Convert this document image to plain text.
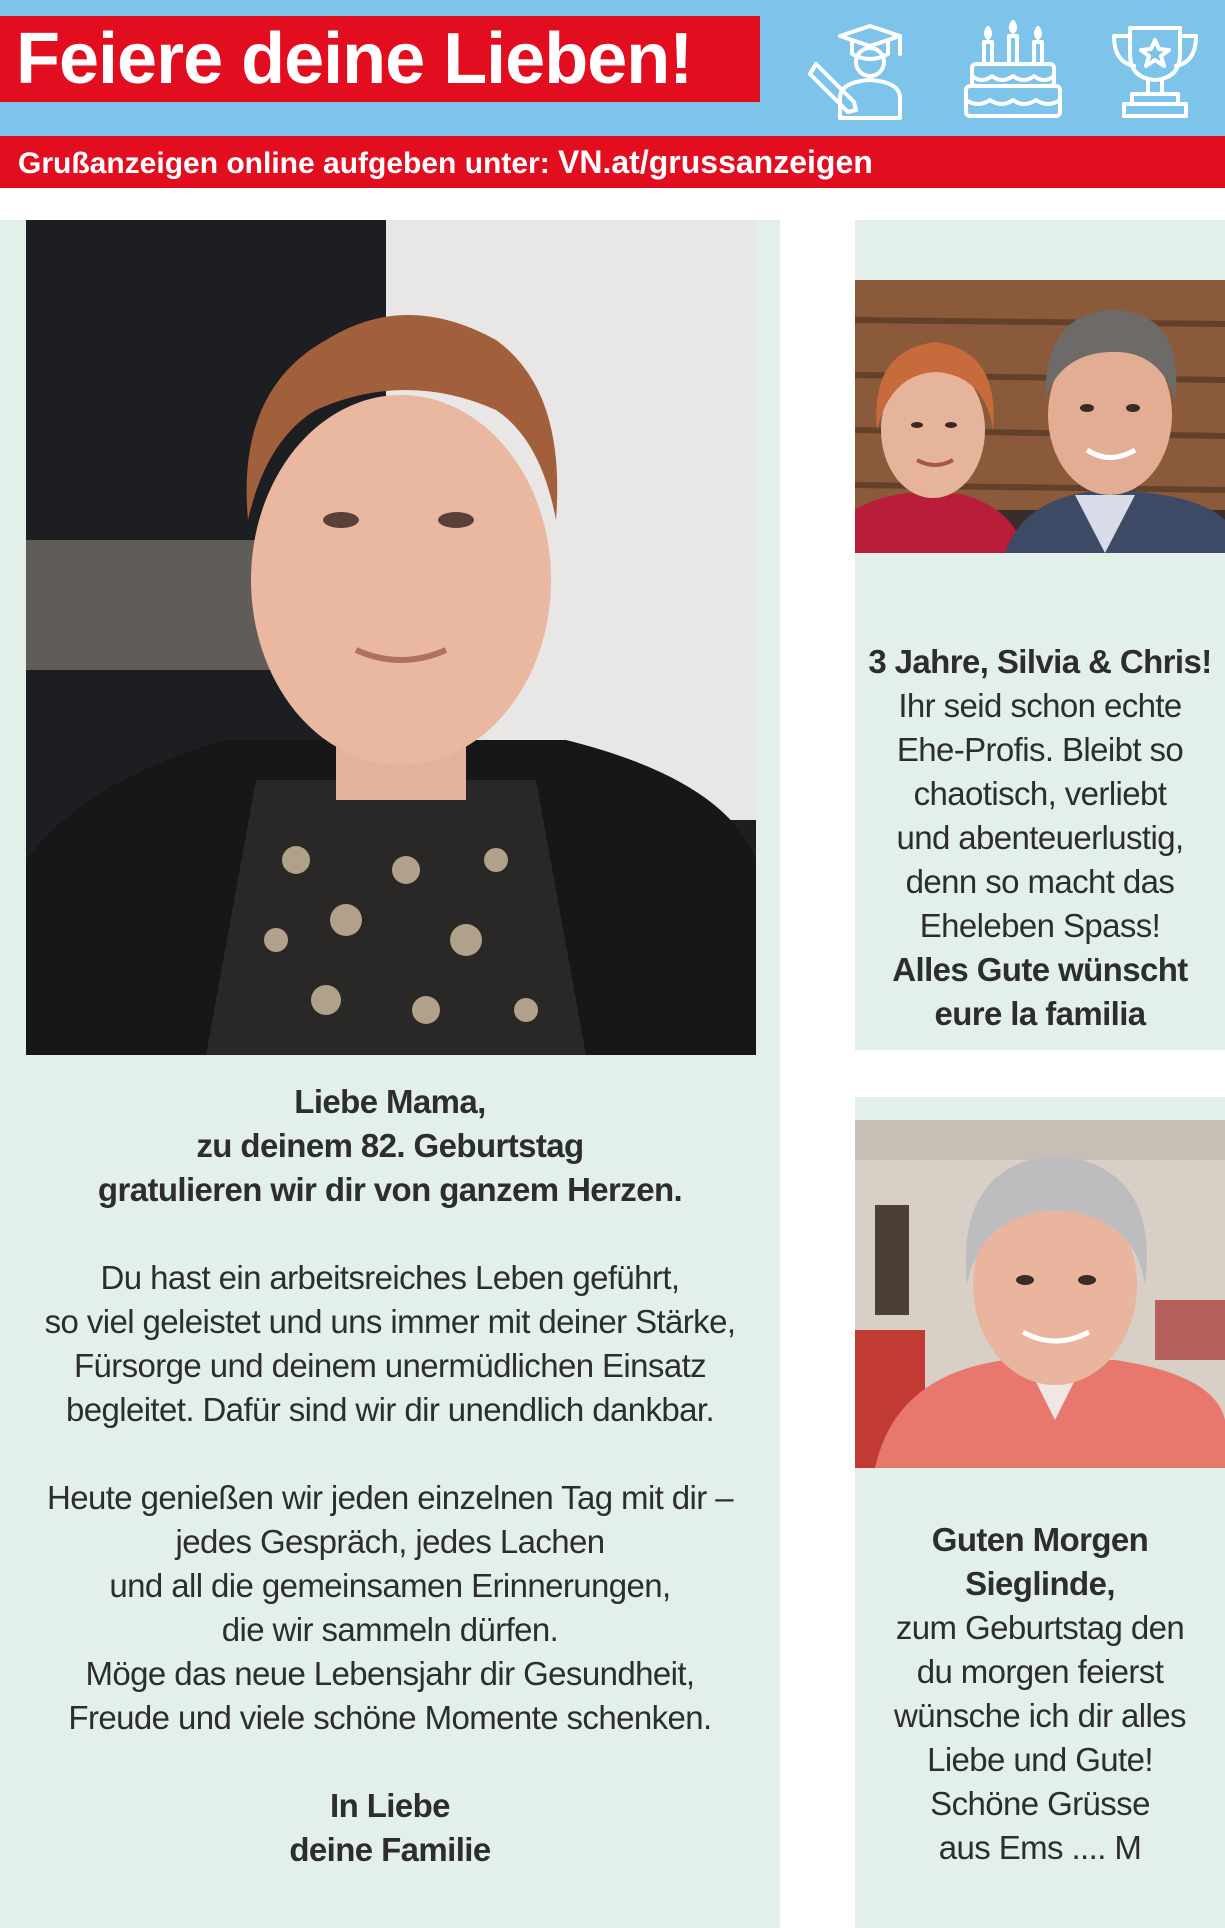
Feiere deine Lieben!
Grußanzeigen online aufgeben unter: VN.at/grussanzeigen
Liebe Mama,
zu deinem 82. Geburtstag
gratulieren wir dir von ganzem Herzen.
Du hast ein arbeitsreiches Leben geführt,
so viel geleistet und uns immer mit deiner Stärke,
Fürsorge und deinem unermüdlichen Einsatz
begleitet. Dafür sind wir dir unendlich dankbar.
Heute genießen wir jeden einzelnen Tag mit dir –
jedes Gespräch, jedes Lachen
und all die gemeinsamen Erinnerungen,
die wir sammeln dürfen.
Möge das neue Lebensjahr dir Gesundheit,
Freude und viele schöne Momente schenken.
In Liebe
deine Familie
3 Jahre, Silvia & Chris!
Ihr seid schon echte
Ehe-Profis. Bleibt so
chaotisch, verliebt
und abenteuerlustig,
denn so macht das
Eheleben Spass!
Alles Gute wünscht
eure la familia
Guten Morgen
Sieglinde,
zum Geburtstag den
du morgen feierst
wünsche ich dir alles
Liebe und Gute!
Schöne Grüsse
aus Ems .... M
